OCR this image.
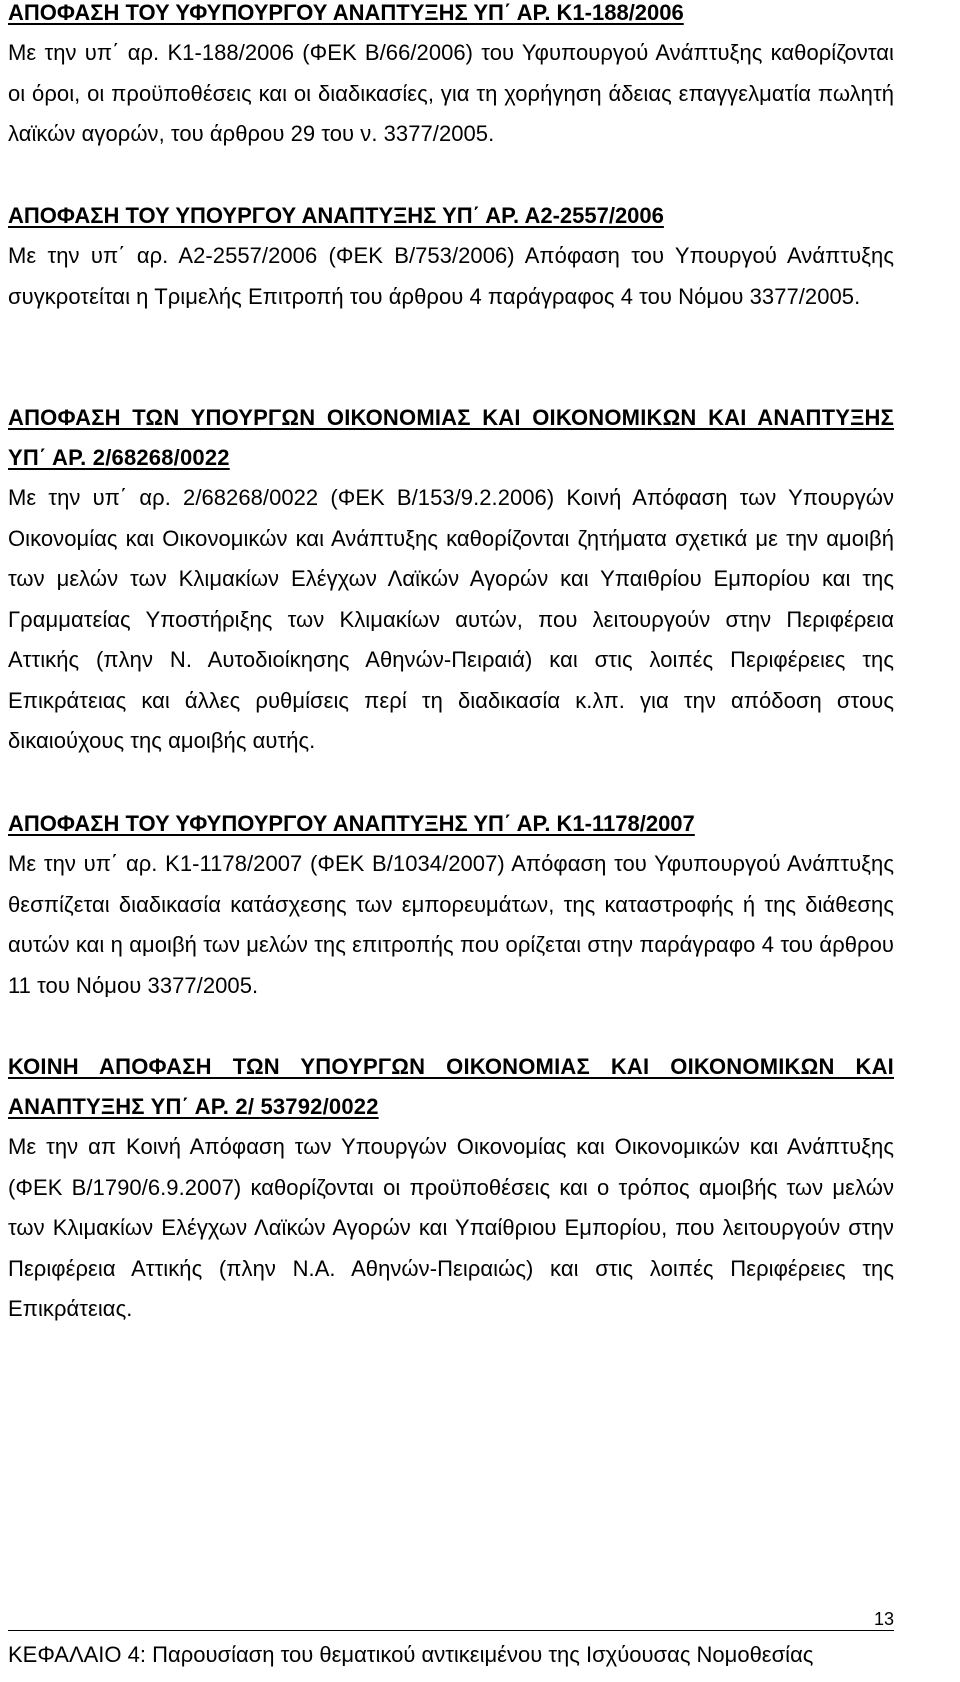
ΑΠΟΦΑΣΗ ΤΟΥ ΥΦΥΠΟΥΡΓΟΥ ΑΝΑΠΤΥΞΗΣ ΥΠ΄ ΑΡ. Κ1-188/2006
Με την υπ΄ αρ. Κ1-188/2006 (ΦΕΚ Β/66/2006) του Υφυπουργού Ανάπτυξης καθορίζονται οι όροι, οι προϋποθέσεις και οι διαδικασίες, για τη χορήγηση άδειας επαγγελματία πωλητή λαϊκών αγορών, του άρθρου 29 του ν. 3377/2005.
ΑΠΟΦΑΣΗ ΤΟΥ ΥΠΟΥΡΓΟΥ ΑΝΑΠΤΥΞΗΣ ΥΠ΄ ΑΡ. Α2-2557/2006
Με την υπ΄ αρ. Α2-2557/2006 (ΦΕΚ Β/753/2006) Απόφαση του Υπουργού Ανάπτυξης συγκροτείται η Τριμελής Επιτροπή του άρθρου 4 παράγραφος 4 του Νόμου 3377/2005.
ΑΠΟΦΑΣΗ ΤΩΝ ΥΠΟΥΡΓΩΝ ΟΙΚΟΝΟΜΙΑΣ ΚΑΙ ΟΙΚΟΝΟΜΙΚΩΝ ΚΑΙ ΑΝΑΠΤΥΞΗΣ ΥΠ΄ ΑΡ. 2/68268/0022
Με την υπ΄ αρ. 2/68268/0022 (ΦΕΚ Β/153/9.2.2006) Κοινή Απόφαση των Υπουργών Οικονομίας και Οικονομικών και Ανάπτυξης καθορίζονται ζητήματα σχετικά με την αμοιβή των μελών των Κλιμακίων Ελέγχων Λαϊκών Αγορών και Υπαιθρίου Εμπορίου και της Γραμματείας Υποστήριξης των Κλιμακίων αυτών, που λειτουργούν στην Περιφέρεια Αττικής (πλην Ν. Αυτοδιοίκησης Αθηνών-Πειραιά) και στις λοιπές Περιφέρειες της Επικράτειας και άλλες ρυθμίσεις περί τη διαδικασία κ.λπ. για την απόδοση στους δικαιούχους της αμοιβής αυτής.
ΑΠΟΦΑΣΗ ΤΟΥ ΥΦΥΠΟΥΡΓΟΥ ΑΝΑΠΤΥΞΗΣ ΥΠ΄ ΑΡ. Κ1-1178/2007
Με την υπ΄ αρ. Κ1-1178/2007 (ΦΕΚ Β/1034/2007) Απόφαση του Υφυπουργού Ανάπτυξης θεσπίζεται διαδικασία κατάσχεσης των εμπορευμάτων, της καταστροφής ή της διάθεσης αυτών και η αμοιβή των μελών της επιτροπής που ορίζεται στην παράγραφο 4 του άρθρου 11 του Νόμου 3377/2005.
ΚΟΙΝΗ ΑΠΟΦΑΣΗ ΤΩΝ ΥΠΟΥΡΓΩΝ ΟΙΚΟΝΟΜΙΑΣ ΚΑΙ ΟΙΚΟΝΟΜΙΚΩΝ ΚΑΙ ΑΝΑΠΤΥΞΗΣ ΥΠ΄ ΑΡ. 2/ 53792/0022
Με την απ Κοινή Απόφαση των Υπουργών Οικονομίας και Οικονομικών και Ανάπτυξης (ΦΕΚ Β/1790/6.9.2007) καθορίζονται οι προϋποθέσεις και ο τρόπος αμοιβής των μελών των Κλιμακίων Ελέγχων Λαϊκών Αγορών και Υπαίθριου Εμπορίου, που λειτουργούν στην Περιφέρεια Αττικής (πλην Ν.Α. Αθηνών-Πειραιώς) και στις λοιπές Περιφέρειες της Επικράτειας.
13
ΚΕΦΑΛΑΙΟ 4: Παρουσίαση του θεματικού αντικειμένου της Ισχύουσας Νομοθεσίας
